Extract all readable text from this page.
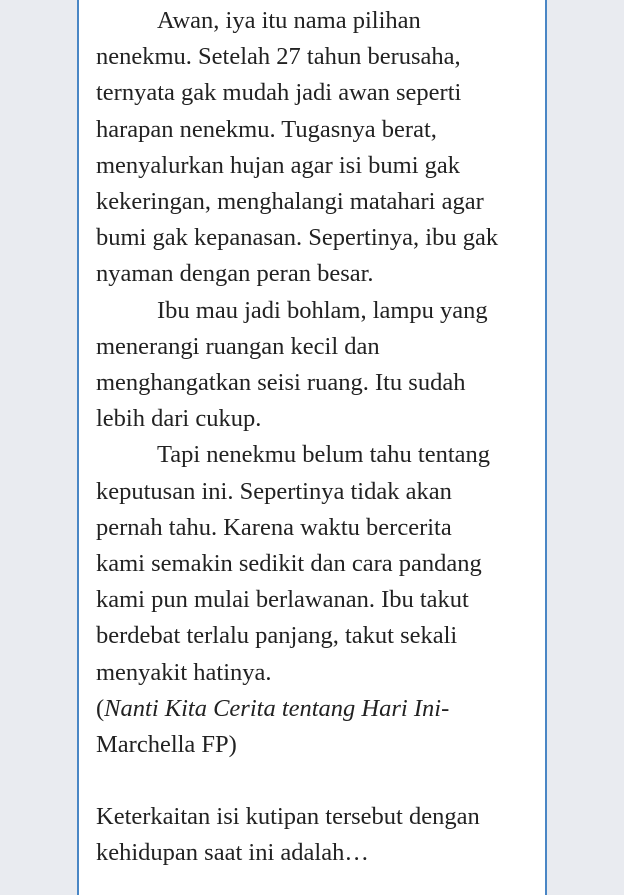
Awan, iya itu nama pilihan

nenekmu. Setelah 27 tahun berusaha,

ternyata gak mudah jadi awan seperti

harapan nenekmu. Tugasnya berat,

menyalurkan hujan agar isi bumi gak

kekeringan, menghalangi matahari agar

bumi gak kepanasan. Sepertinya, ibu gak

nyaman dengan peran besar.

Ibu mau jadi bohlam, lampu yang

menerangi ruangan kecil dan

menghangatkan seisi ruang. Itu sudah

lebih dari cukup.

Tapi nenekmu belum tahu tentang

keputusan ini. Sepertinya tidak akan

pernah tahu. Karena waktu bercerita

kami semakin sedikit dan cara pandang

kami pun mulai berlawanan. Ibu takut

berdebat terlalu panjang, takut sekali

menyakit hatinya.

(Nanti Kita Cerita tentang Hari Ini-

Marchella FP)

Keterkaitan isi kutipan tersebut dengan

kehidupan saat ini adalah…
